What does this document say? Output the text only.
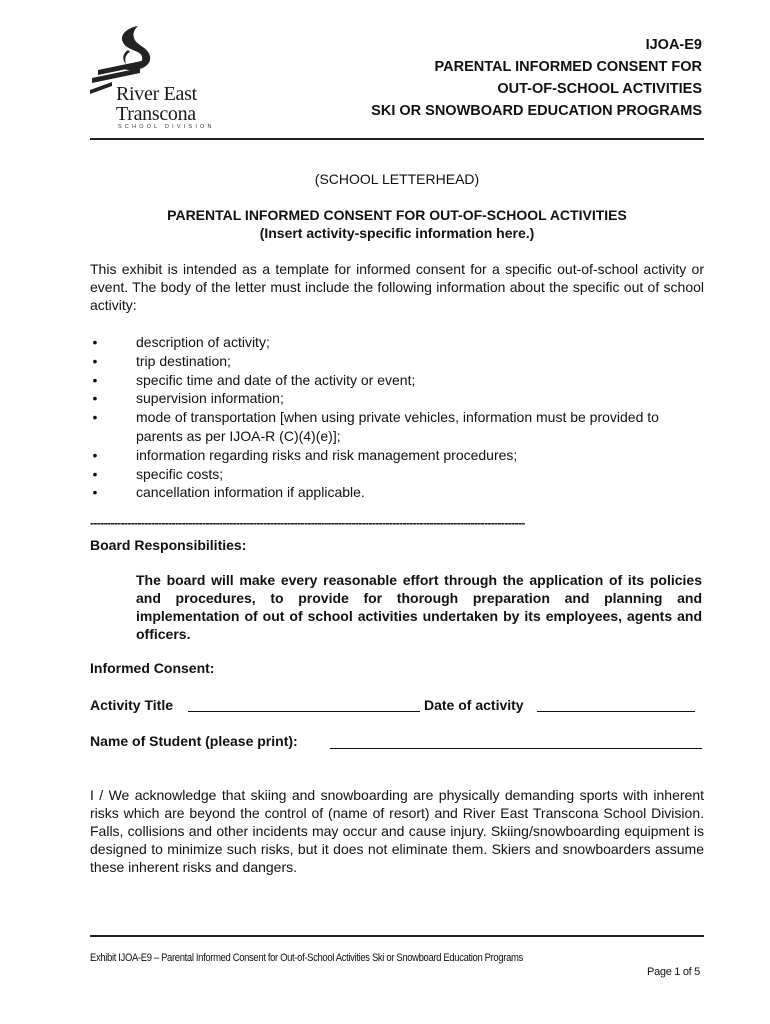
River East
Transcona
SCHOOL DIVISION
IJOA-E9
PARENTAL INFORMED CONSENT FOR
OUT-OF-SCHOOL ACTIVITIES
SKI OR SNOWBOARD EDUCATION PROGRAMS
(SCHOOL LETTERHEAD)
PARENTAL INFORMED CONSENT FOR OUT-OF-SCHOOL ACTIVITIES
(Insert activity-specific information here.)
This exhibit is intended as a template for informed consent for a specific out-of-school activity or event. The body of the letter must include the following information about the specific out of school activity:
•	description of activity;
•	trip destination;
•	specific time and date of the activity or event;
•	supervision information;
•	mode of transportation [when using private vehicles, information must be provided to parents as per IJOA-R (C)(4)(e)];
•	information regarding risks and risk management procedures;
•	specific costs;
•	cancellation information if applicable.
--------------------------------------------------------------------------------------------------------------------------------
Board Responsibilities:
The board will make every reasonable effort through the application of its policies and procedures, to provide for thorough preparation and planning and implementation of out of school activities undertaken by its employees, agents and officers.
Informed Consent:
Activity Title	Date of activity
Name of Student (please print):
I / We acknowledge that skiing and snowboarding are physically demanding sports with inherent risks which are beyond the control of (name of resort) and River East Transcona School Division. Falls, collisions and other incidents may occur and cause injury. Skiing/snowboarding equipment is designed to minimize such risks, but it does not eliminate them. Skiers and snowboarders assume these inherent risks and dangers.
Exhibit IJOA-E9 – Parental Informed Consent for Out-of-School Activities Ski or Snowboard Education Programs
Page 1 of 5
